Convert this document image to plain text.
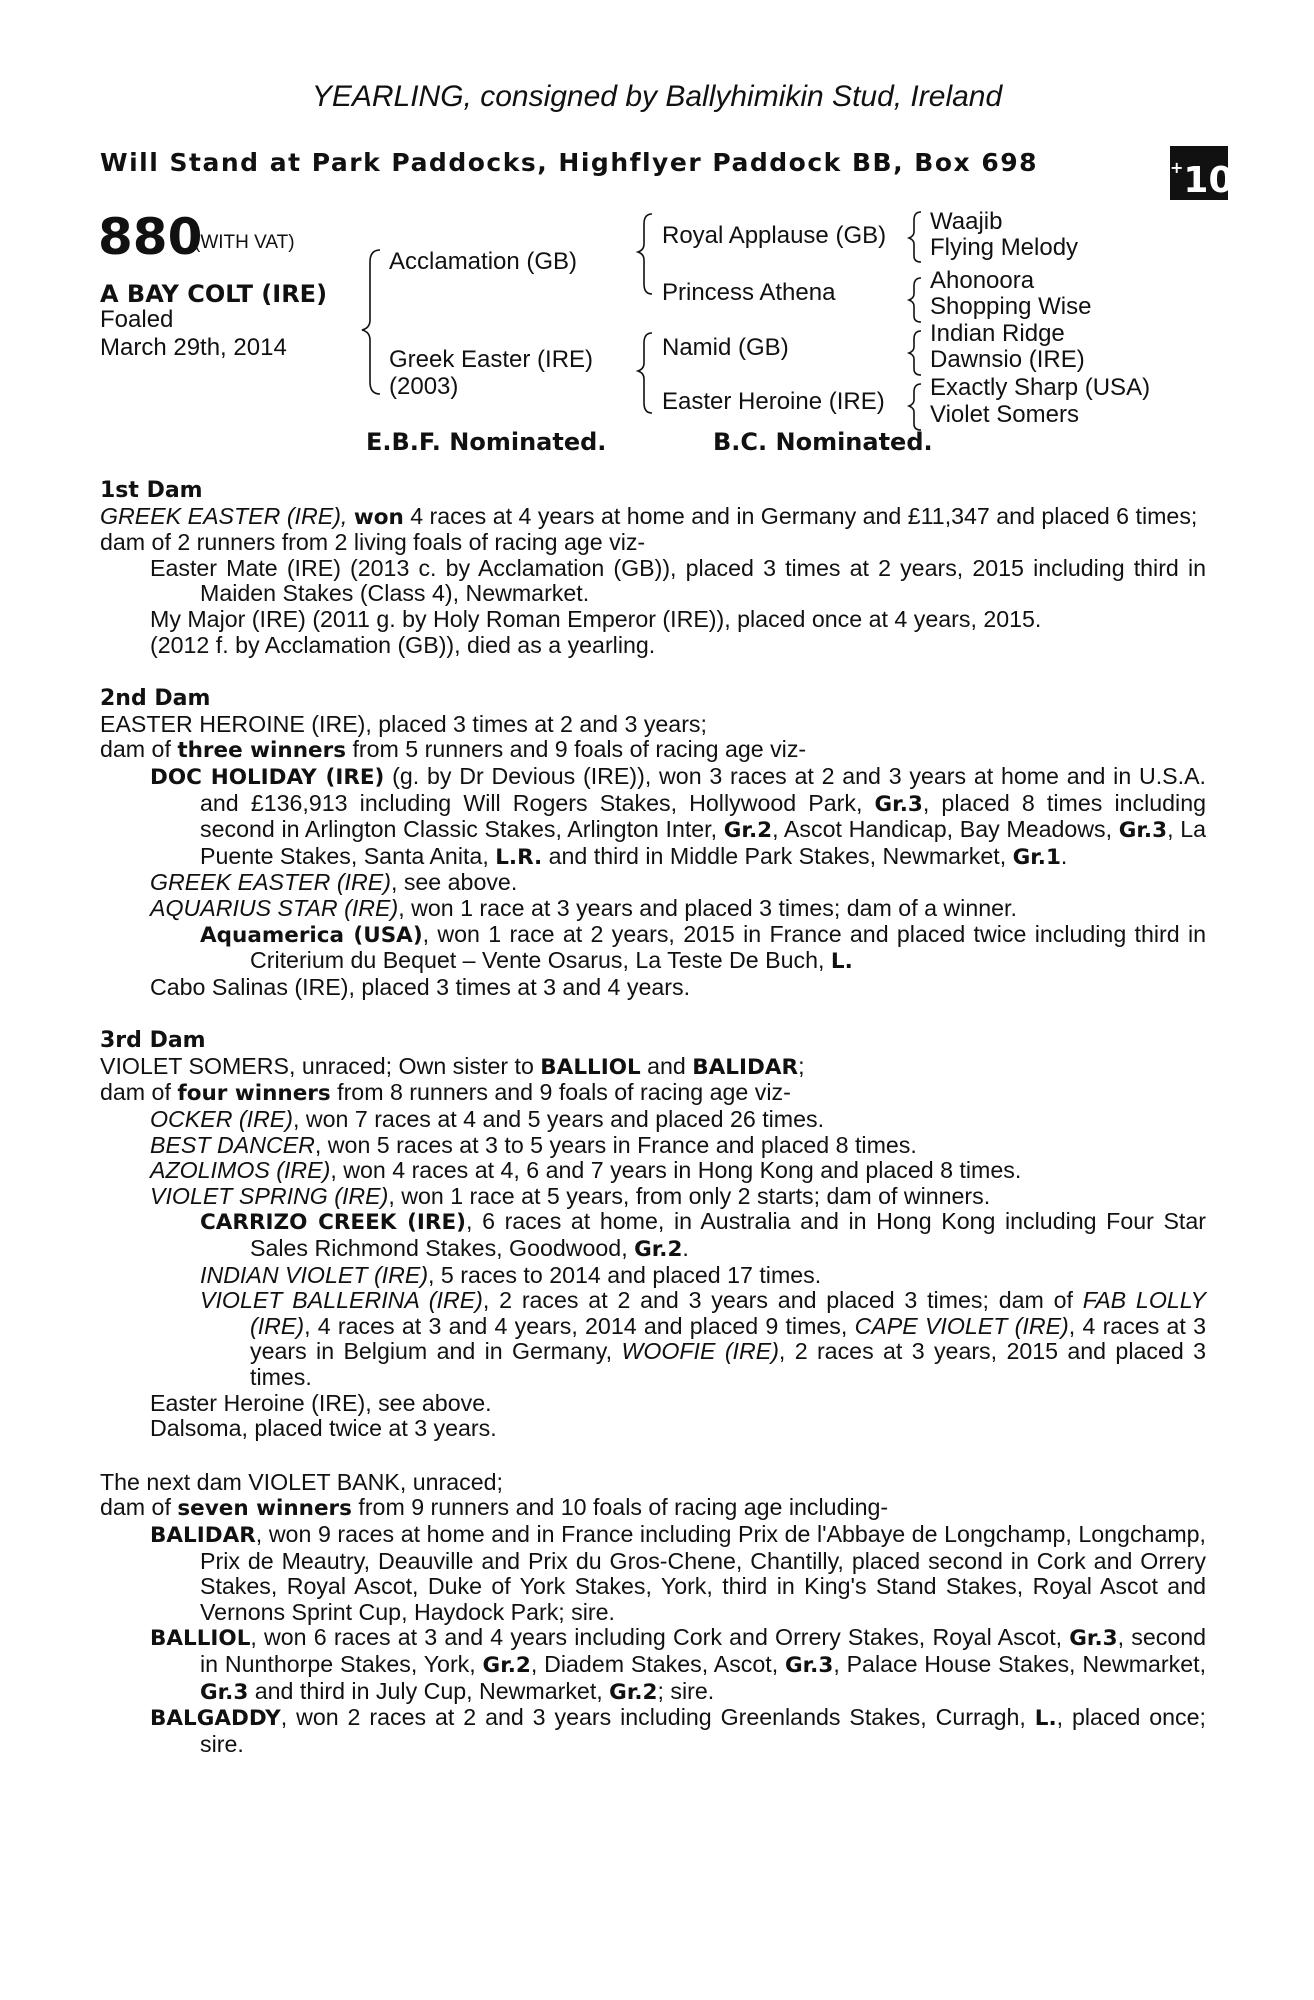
YEARLING, consigned by Ballyhimikin Stud, Ireland
Will Stand at Park Paddocks, Highflyer Paddock BB, Box 698	+10
880
(WITH VAT)
A BAY COLT (IRE)
Foaled
March 29th, 2014
Acclamation (GB)
Greek Easter (IRE)
(2003)
Royal Applause (GB)
Princess Athena
Namid (GB)
Easter Heroine (IRE)
Waajib
Flying Melody
Ahonoora
Shopping Wise
Indian Ridge
Dawnsio (IRE)
Exactly Sharp (USA)
Violet Somers
E.B.F. Nominated.	B.C. Nominated.
1st Dam
GREEK EASTER (IRE), won 4 races at 4 years at home and in Germany and £11,347 and placed 6 times;
dam of 2 runners from 2 living foals of racing age viz-
Easter Mate (IRE) (2013 c. by Acclamation (GB)), placed 3 times at 2 years, 2015 including third in Maiden Stakes (Class 4), Newmarket.
My Major (IRE) (2011 g. by Holy Roman Emperor (IRE)), placed once at 4 years, 2015.
(2012 f. by Acclamation (GB)), died as a yearling.
2nd Dam
EASTER HEROINE (IRE), placed 3 times at 2 and 3 years;
dam of three winners from 5 runners and 9 foals of racing age viz-
DOC HOLIDAY (IRE) (g. by Dr Devious (IRE)), won 3 races at 2 and 3 years at home and in U.S.A. and £136,913 including Will Rogers Stakes, Hollywood Park, Gr.3, placed 8 times including second in Arlington Classic Stakes, Arlington Inter, Gr.2, Ascot Handicap, Bay Meadows, Gr.3, La Puente Stakes, Santa Anita, L.R. and third in Middle Park Stakes, Newmarket, Gr.1.
GREEK EASTER (IRE), see above.
AQUARIUS STAR (IRE), won 1 race at 3 years and placed 3 times; dam of a winner.
Aquamerica (USA), won 1 race at 2 years, 2015 in France and placed twice including third in Criterium du Bequet – Vente Osarus, La Teste De Buch, L.
Cabo Salinas (IRE), placed 3 times at 3 and 4 years.
3rd Dam
VIOLET SOMERS, unraced; Own sister to BALLIOL and BALIDAR;
dam of four winners from 8 runners and 9 foals of racing age viz-
OCKER (IRE), won 7 races at 4 and 5 years and placed 26 times.
BEST DANCER, won 5 races at 3 to 5 years in France and placed 8 times.
AZOLIMOS (IRE), won 4 races at 4, 6 and 7 years in Hong Kong and placed 8 times.
VIOLET SPRING (IRE), won 1 race at 5 years, from only 2 starts; dam of winners.
CARRIZO CREEK (IRE), 6 races at home, in Australia and in Hong Kong including Four Star Sales Richmond Stakes, Goodwood, Gr.2.
INDIAN VIOLET (IRE), 5 races to 2014 and placed 17 times.
VIOLET BALLERINA (IRE), 2 races at 2 and 3 years and placed 3 times; dam of FAB LOLLY (IRE), 4 races at 3 and 4 years, 2014 and placed 9 times, CAPE VIOLET (IRE), 4 races at 3 years in Belgium and in Germany, WOOFIE (IRE), 2 races at 3 years, 2015 and placed 3 times.
Easter Heroine (IRE), see above.
Dalsoma, placed twice at 3 years.
The next dam VIOLET BANK, unraced;
dam of seven winners from 9 runners and 10 foals of racing age including-
BALIDAR, won 9 races at home and in France including Prix de l'Abbaye de Longchamp, Longchamp, Prix de Meautry, Deauville and Prix du Gros-Chene, Chantilly, placed second in Cork and Orrery Stakes, Royal Ascot, Duke of York Stakes, York, third in King's Stand Stakes, Royal Ascot and Vernons Sprint Cup, Haydock Park; sire.
BALLIOL, won 6 races at 3 and 4 years including Cork and Orrery Stakes, Royal Ascot, Gr.3, second in Nunthorpe Stakes, York, Gr.2, Diadem Stakes, Ascot, Gr.3, Palace House Stakes, Newmarket, Gr.3 and third in July Cup, Newmarket, Gr.2; sire.
BALGADDY, won 2 races at 2 and 3 years including Greenlands Stakes, Curragh, L., placed once; sire.
